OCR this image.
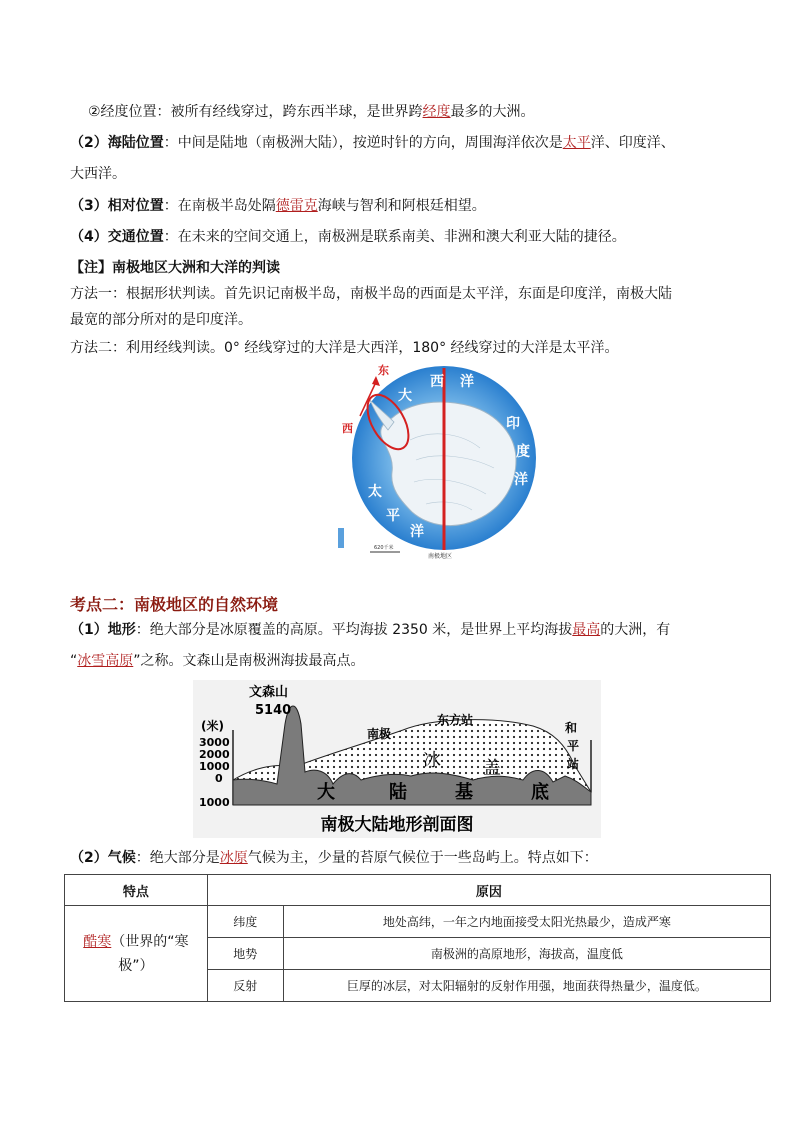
②经度位置：被所有经线穿过，跨东西半球，是世界跨经度最多的大洲。
（2）海陆位置：中间是陆地（南极洲大陆），按逆时针的方向，周围海洋依次是太平洋、印度洋、
大西洋。
（3）相对位置：在南极半岛处隔德雷克海峡与智利和阿根廷相望。
（4）交通位置：在未来的空间交通上，南极洲是联系南美、非洲和澳大利亚大陆的捷径。
【注】南极地区大洲和大洋的判读
方法一：根据形状判读。首先识记南极半岛，南极半岛的西面是太平洋，东面是印度洋，南极大陆
最宽的部分所对的是印度洋。
方法二：利用经线判读。0° 经线穿过的大洋是大西洋，180° 经线穿过的大洋是太平洋。
东
西
大
西 洋
印
度
洋
太
平
洋
620千米
南极地区
考点二：南极地区的自然环境
（1）地形：绝大部分是冰原覆盖的高原。平均海拔 2350 米，是世界上平均海拔最高的大洲，有
“冰雪高原”之称。文森山是南极洲海拔最高点。
(米)
3000
2000
1000
0
1000
文森山
5140
南极
东方站
和
平
站
冰 盖
大	陆	基	底
南极大陆地形剖面图
（2）气候：绝大部分是冰原气候为主，少量的苔原气候位于一些岛屿上。特点如下：
特点	原因	
酷寒（世界的“寒极”）	纬度	地处高纬，一年之内地面接受太阳光热最少，造成严寒
	地势	南极洲的高原地形，海拔高，温度低
	反射	巨厚的冰层，对太阳辐射的反射作用强，地面获得热量少，温度低。
